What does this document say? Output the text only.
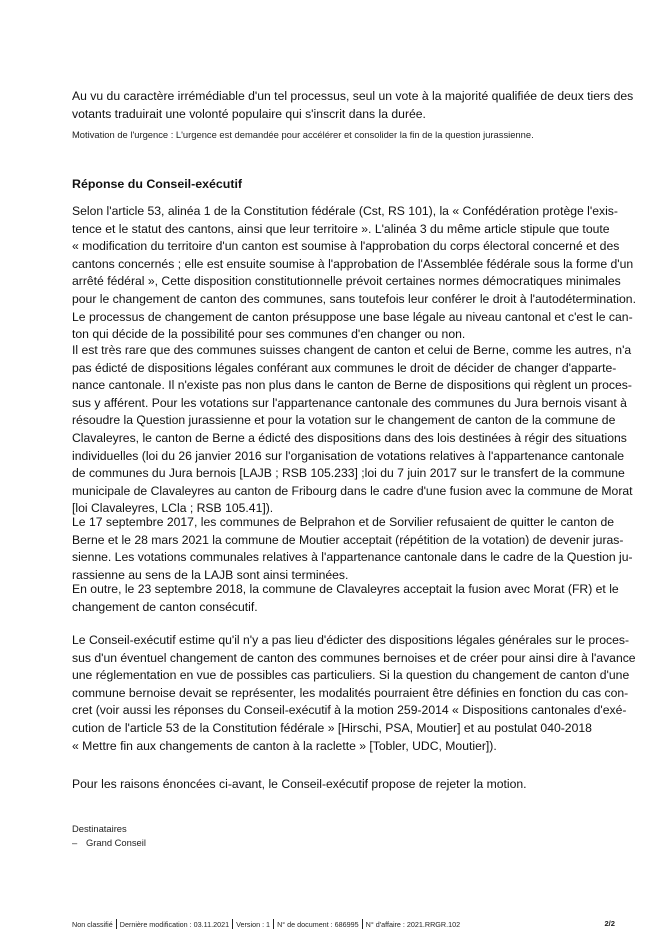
Au vu du caractère irrémédiable d'un tel processus, seul un vote à la majorité qualifiée de deux tiers des
votants traduirait une volonté populaire qui s'inscrit dans la durée.

Motivation de l'urgence : L'urgence est demandée pour accélérer et consolider la fin de la question jurassienne.

Réponse du Conseil-exécutif

Selon l'article 53, alinéa 1 de la Constitution fédérale (Cst, RS 101), la « Confédération protège l'exis-
tence et le statut des cantons, ainsi que leur territoire ». L'alinéa 3 du même article stipule que toute
« modification du territoire d'un canton est soumise à l'approbation du corps électoral concerné et des
cantons concernés ; elle est ensuite soumise à l'approbation de l'Assemblée fédérale sous la forme d'un
arrêté fédéral », Cette disposition constitutionnelle prévoit certaines normes démocratiques minimales
pour le changement de canton des communes, sans toutefois leur conférer le droit à l'autodétermination.
Le processus de changement de canton présuppose une base légale au niveau cantonal et c'est le can-
ton qui décide de la possibilité pour ses communes d'en changer ou non.

Il est très rare que des communes suisses changent de canton et celui de Berne, comme les autres, n'a
pas édicté de dispositions légales conférant aux communes le droit de décider de changer d'apparte-
nance cantonale. Il n'existe pas non plus dans le canton de Berne de dispositions qui règlent un proces-
sus y afférent. Pour les votations sur l'appartenance cantonale des communes du Jura bernois visant à
résoudre la Question jurassienne et pour la votation sur le changement de canton de la commune de
Clavaleyres, le canton de Berne a édicté des dispositions dans des lois destinées à régir des situations
individuelles (loi du 26 janvier 2016 sur l'organisation de votations relatives à l'appartenance cantonale
de communes du Jura bernois [LAJB ; RSB 105.233] ;loi du 7 juin 2017 sur le transfert de la commune
municipale de Clavaleyres au canton de Fribourg dans le cadre d'une fusion avec la commune de Morat
[loi Clavaleyres, LCla ; RSB 105.41]).

Le 17 septembre 2017, les communes de Belprahon et de Sorvilier refusaient de quitter le canton de
Berne et le 28 mars 2021 la commune de Moutier acceptait (répétition de la votation) de devenir juras-
sienne. Les votations communales relatives à l'appartenance cantonale dans le cadre de la Question ju-
rassienne au sens de la LAJB sont ainsi terminées.

En outre, le 23 septembre 2018, la commune de Clavaleyres acceptait la fusion avec Morat (FR) et le
changement de canton consécutif.

Le Conseil-exécutif estime qu'il n'y a pas lieu d'édicter des dispositions légales générales sur le proces-
sus d'un éventuel changement de canton des communes bernoises et de créer pour ainsi dire à l'avance
une réglementation en vue de possibles cas particuliers. Si la question du changement de canton d'une
commune bernoise devait se représenter, les modalités pourraient être définies en fonction du cas con-
cret (voir aussi les réponses du Conseil-exécutif à la motion 259-2014 « Dispositions cantonales d'exé-
cution de l'article 53 de la Constitution fédérale » [Hirschi, PSA, Moutier] et au postulat 040-2018
« Mettre fin aux changements de canton à la raclette » [Tobler, UDC, Moutier]).

Pour les raisons énoncées ci-avant, le Conseil-exécutif propose de rejeter la motion.

Destinataires

– Grand Conseil
Non classifié Dernière modification : 03.11.2021 Version : 1 N° de document : 686995 N° d'affaire : 2021.RRGR.102	2/2
